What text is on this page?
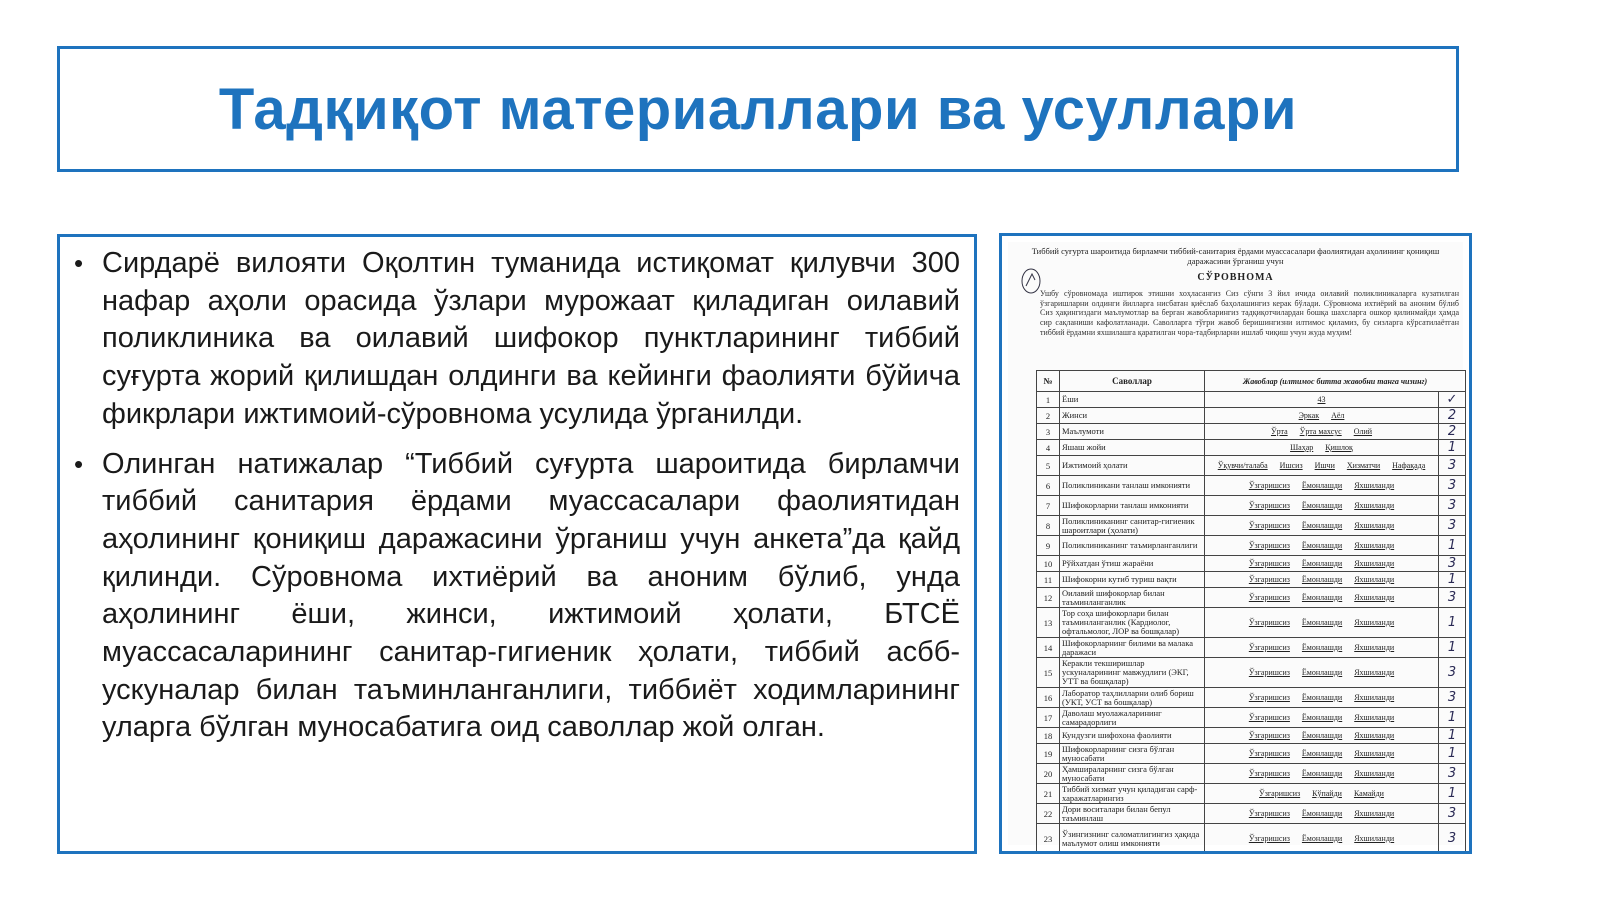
Тадқиқот материаллари ва усуллари
• Сирдарё вилояти Оқолтин туманида истиқомат қилувчи 300 нафар аҳоли орасида ўзлари мурожаат қиладиган оилавий поликлиника ва оилавий шифокор пунктларининг тиббий суғурта жорий қилишдан олдинги ва кейинги фаолияти бўйича фикрлари ижтимоий-сўровнома усулида ўрганилди.
• Олинган натижалар “Тиббий суғурта шароитида бирламчи тиббий санитария ёрдами муассасалари фаолиятидан аҳолининг қониқиш даражасини ўрганиш учун анкета”да қайд қилинди. Сўровнома ихтиёрий ва аноним бўлиб, унда аҳолининг ёши, жинси, ижтимоий ҳолати, БТСЁ муассасаларининг санитар-гигиеник ҳолати, тиббий асбб-ускуналар билан таъминланганлиги, тиббиёт ходимларининг уларга бўлган муносабатига оид саволлар жой олган.
Тиббий суғурта шароитида бирламчи тиббий-санитария ёрдами муассасалари фаолиятидан аҳолининг қониқиш даражасини ўрганиш учун
СЎРОВНОМА
Ушбу сўровномада иштирок этишни хоҳласангиз Сиз сўнги 3 йил ичида оилавий поликлиникаларга кузатилган ўзгаришларни олдинги йилларга нисбатан қиёслаб баҳолашингиз керак бўлади. Сўровнома ихтиёрий ва аноним бўлиб Сиз ҳақингиздаги маълумотлар ва берган жавобларингиз тадқиқотчилардан бошқа шахсларга ошкор қилинмайди ҳамда сир сақланиши кафолатланади. Саволларга тўғри жавоб беришингизни илтимос қиламиз, бу сизларга кўрсатилаётган тиббий ёрдамни яхшилашга қаратилган чора-тадбирларни ишлаб чиқиш учун жуда муҳим!
№	Саволлар	Жавоблар (илтимос битта жавобни танга чизинг)	
1	Ёши	43	✓
2	Жинси	Эркак Аёл	2
3	Маълумоти	Ўрта Ўрта махсус Олий	2
4	Яшаш жойи	Шаҳар Қишлоқ	1
5	Ижтимоий ҳолати	Ўқувчи/талаба Ишсиз Ишчи Хизматчи Нафақада	3
6	Поликлиникани танлаш имконияти	Ўзгаришсиз Ёмонлашди Яхшиланди	3
7	Шифокорларни танлаш имконияти	Ўзгаришсиз Ёмонлашди Яхшиланди	3
8	Поликлиниканинг санитар-гигиеник шароитлари (ҳолати)	Ўзгаришсиз Ёмонлашди Яхшиланди	3
9	Поликлиниканинг таъмирланганлиги	Ўзгаришсиз Ёмонлашди Яхшиланди	1
10	Рўйхатдан ўтиш жараёни	Ўзгаришсиз Ёмонлашди Яхшиланди	3
11	Шифокорни кутиб туриш вақти	Ўзгаришсиз Ёмонлашди Яхшиланди	1
12	Оилавий шифокорлар билан таъминланганлик	Ўзгаришсиз Ёмонлашди Яхшиланди	3
13	Тор соҳа шифокорлари билан таъминланганлик (Кардиолог, офтальмолог, ЛОР ва бошқалар)	Ўзгаришсиз Ёмонлашди Яхшиланди	1
14	Шифокорларнинг билими ва малака даражаси	Ўзгаришсиз Ёмонлашди Яхшиланди	1
15	Керакли текширишлар ускуналарининг мавжудлиги (ЭКГ, УТТ ва бошқалар)	Ўзгаришсиз Ёмонлашди Яхшиланди	3
16	Лаборатор таҳлилларни олиб бориш (УКТ, УСТ ва бошқалар)	Ўзгаришсиз Ёмонлашди Яхшиланди	3
17	Даволаш муолажаларининг самарадорлиги	Ўзгаришсиз Ёмонлашди Яхшиланди	1
18	Кундузги шифохона фаолияти	Ўзгаришсиз Ёмонлашди Яхшиланди	1
19	Шифокорларнинг сизга бўлган муносабати	Ўзгаришсиз Ёмонлашди Яхшиланди	1
20	Ҳамшираларнинг сизга бўлган муносабати	Ўзгаришсиз Ёмонлашди Яхшиланди	3
21	Тиббий хизмат учун қиладиган сарф-харажатларингиз	Ўзгаришсиз Кўпайди Камайди	1
22	Дори воситалари билан бепул таъминлаш	Ўзгаришсиз Ёмонлашди Яхшиланди	3
23	Ўзингизнинг саломатлигингиз ҳақида маълумот олиш имконияти	Ўзгаришсиз Ёмонлашди Яхшиланди	3
